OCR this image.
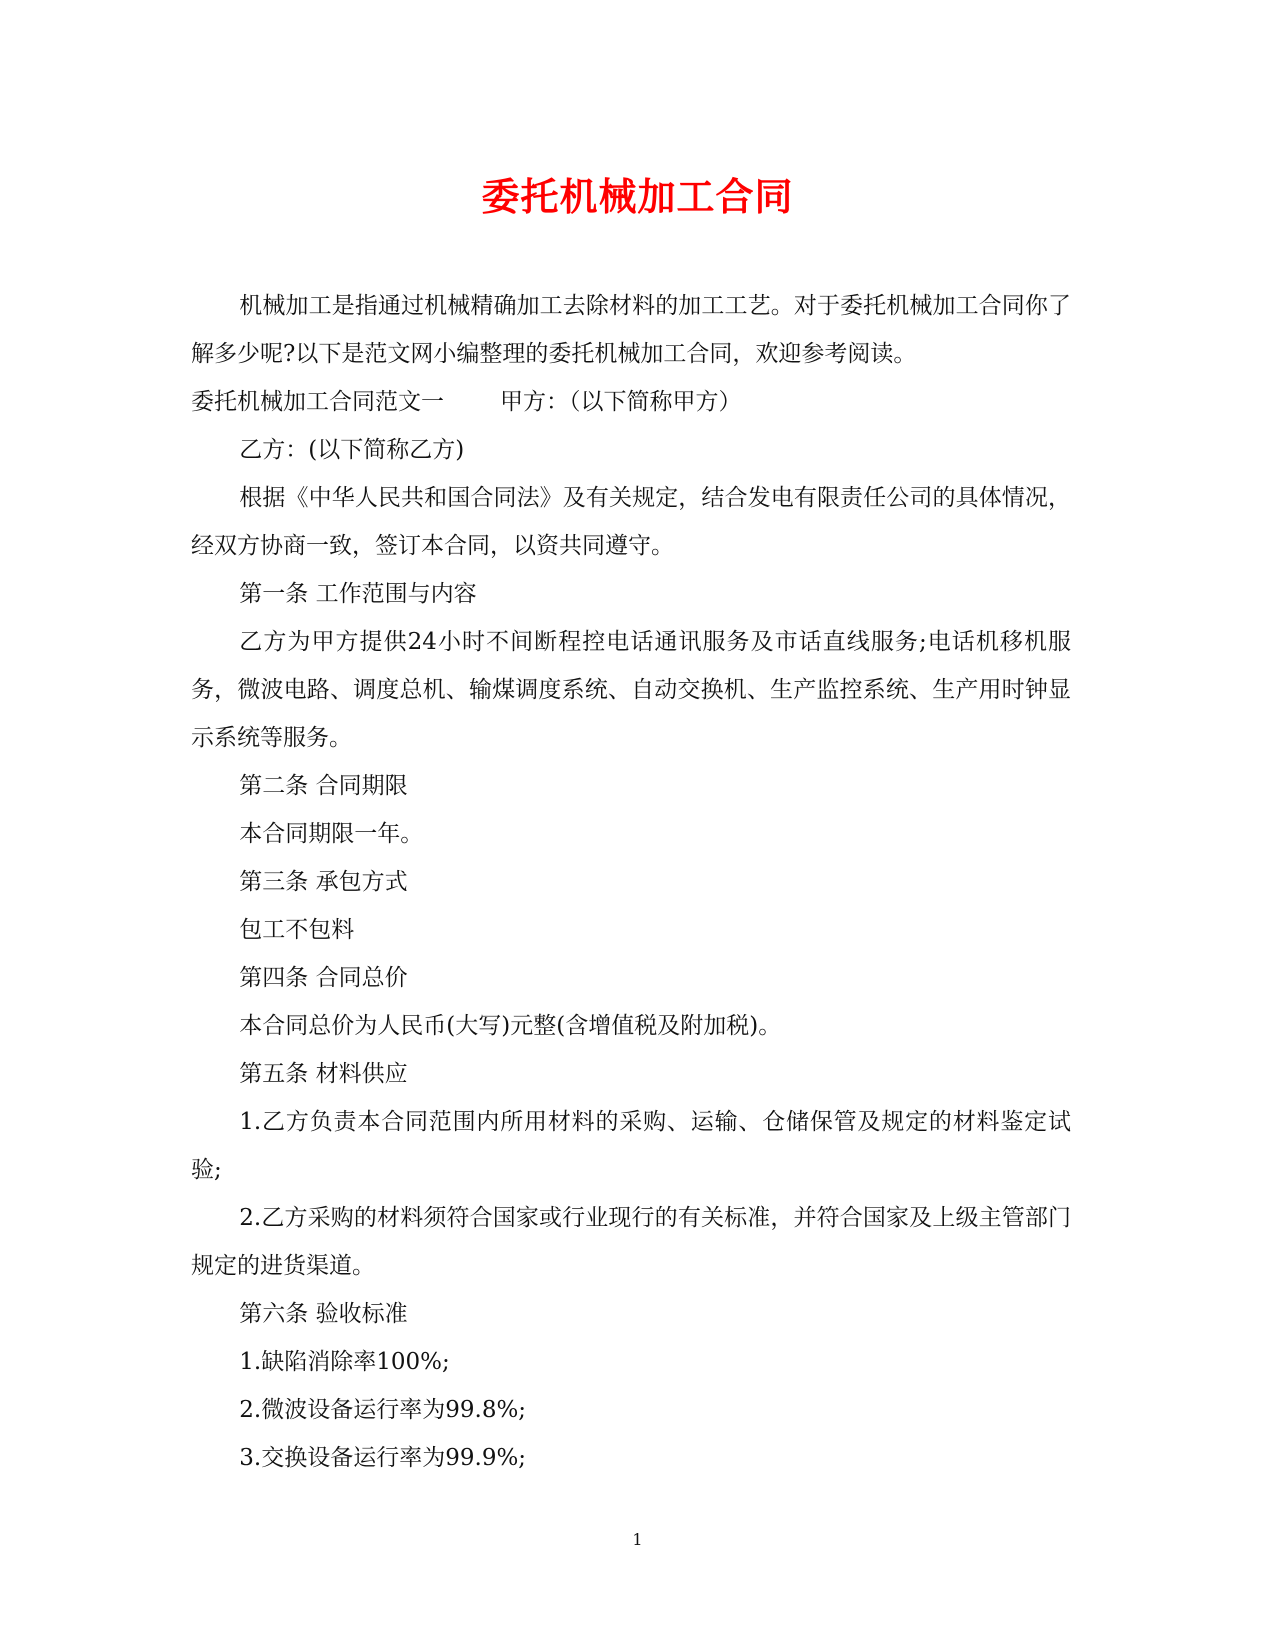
委托机械加工合同

机械加工是指通过机械精确加工去除材料的加工工艺。对于委托机械加工合同你了解多少呢?以下是范文网小编整理的委托机械加工合同，欢迎参考阅读。

委托机械加工合同范文一 甲方：（以下简称甲方）

乙方：(以下简称乙方)

根据《中华人民共和国合同法》及有关规定，结合发电有限责任公司的具体情况，经双方协商一致，签订本合同，以资共同遵守。

第一条 工作范围与内容

乙方为甲方提供24小时不间断程控电话通讯服务及市话直线服务;电话机移机服务，微波电路、调度总机、输煤调度系统、自动交换机、生产监控系统、生产用时钟显示系统等服务。

第二条 合同期限

本合同期限一年。

第三条 承包方式

包工不包料

第四条 合同总价

本合同总价为人民币(大写)元整(含增值税及附加税)。

第五条 材料供应

1.乙方负责本合同范围内所用材料的采购、运输、仓储保管及规定的材料鉴定试验;

2.乙方采购的材料须符合国家或行业现行的有关标准，并符合国家及上级主管部门规定的进货渠道。

第六条 验收标准

1.缺陷消除率100%;

2.微波设备运行率为99.8%;

3.交换设备运行率为99.9%;

1
